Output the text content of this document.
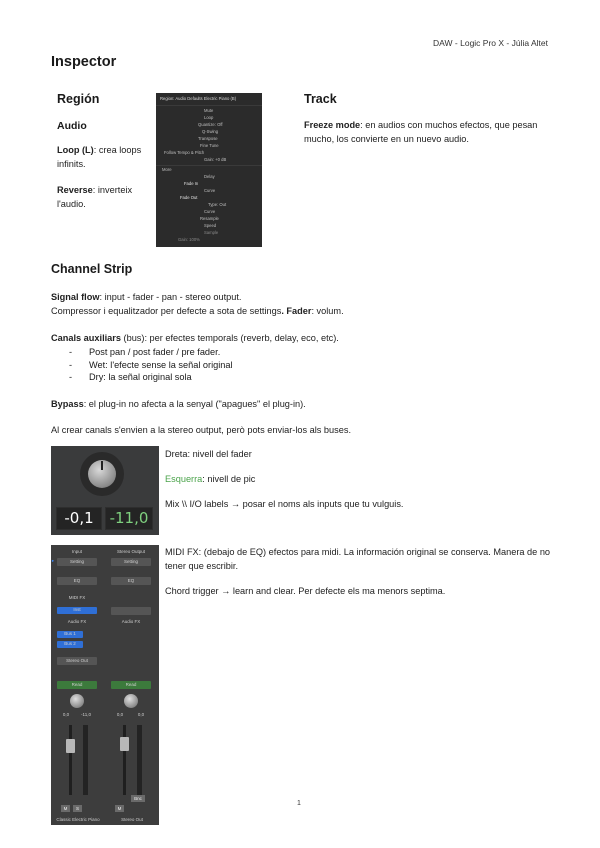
DAW - Logic Pro X - Júlia Altet
Inspector
Región
Audio
Loop (L): crea loops infinits.
Reverse: inverteix l'audio.
Region: Audio Defaults Electric Piano (B)
Mute
Loop
Quantize: Off
Q-Swing
Transpose
Fine Tune
Follow Tempo & Pitch
Gain: +0 dB
More
Delay
Fade In
Curve
Fade Out
Type: Out
Curve
Resample
Speed
Sample
Gain: 100%
Track
Freeze mode: en audios con muchos efectos, que pesan mucho, los convierte en un nuevo audio.
Channel Strip
Signal flow: input - fader - pan - stereo output.
Compressor i equalitzador per defecte a sota de settings. Fader: volum.
Canals auxiliars (bus): per efectes temporals (reverb, delay, eco, etc).
- Post pan / post fader / pre fader.
- Wet: l'efecte sense la señal original
- Dry: la señal original sola
Bypass: el plug-in no afecta a la senyal ("apagues" el plug-in).
Al crear canals s'envien a la stereo output, però pots enviar-los als buses.
-0,1	-11,0
Dreta: nivell del fader
Esquerra: nivell de pic
Mix \\ I/O labels → posar el noms als inputs que tu vulguis.
Input	Stereo Output
Setting	Setting
▸
EQ	EQ
MIDI FX
Inst
Audio FX	Audio FX
Bus 1
Bus 2
Stereo Out
Read	Read
0,0	-11,0	0,0	0,0
Bnc
M	S	M
Classic Electric Piano	Stereo Out
MIDI FX: (debajo de EQ) efectos para midi. La información original se conserva. Manera de no tener que escribir.
Chord trigger → learn and clear. Per defecte els ma menors septima.
1
